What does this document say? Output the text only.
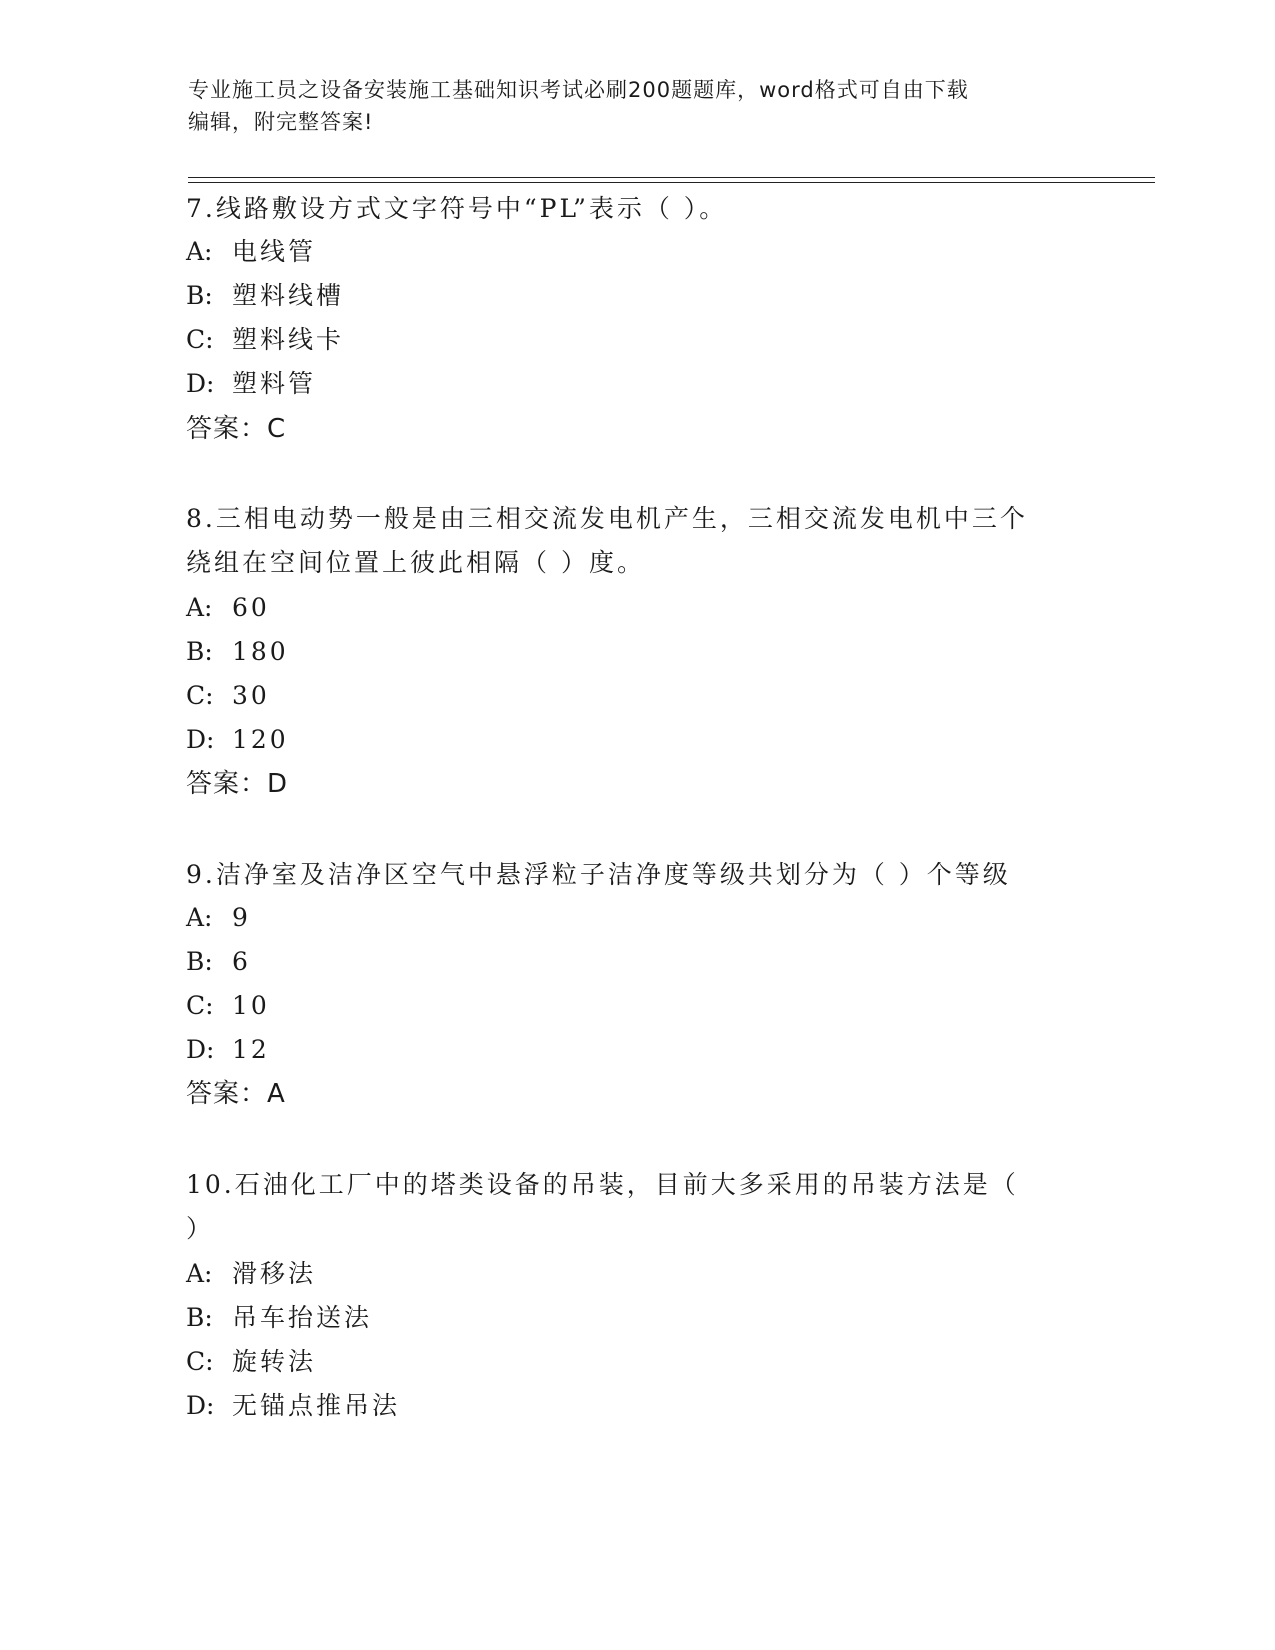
专业施工员之设备安装施工基础知识考试必刷200题题库，word格式可自由下载
编辑，附完整答案!
7.线路敷设方式文字符号中“PL”表示（ ）。
A: 电线管
B: 塑料线槽
C: 塑料线卡
D: 塑料管
答案：C
8.三相电动势一般是由三相交流发电机产生，三相交流发电机中三个
绕组在空间位置上彼此相隔（ ）度。
A: 60
B: 180
C: 30
D: 120
答案：D
9.洁净室及洁净区空气中悬浮粒子洁净度等级共划分为（ ）个等级
A: 9
B: 6
C: 10
D: 12
答案：A
10.石油化工厂中的塔类设备的吊装，目前大多采用的吊装方法是（
）
A: 滑移法
B: 吊车抬送法
C: 旋转法
D: 无锚点推吊法
